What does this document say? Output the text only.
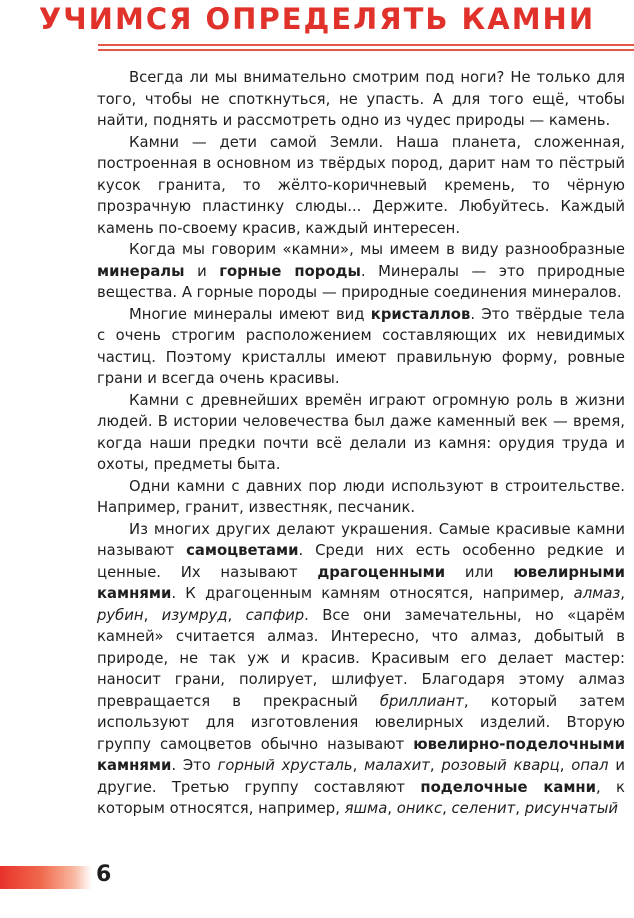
УЧИМСЯ ОПРЕДЕЛЯТЬ КАМНИ

Всегда ли мы внимательно смотрим под ноги? Не только для того, чтобы не споткнуться, не упасть. А для того ещё, чтобы найти, поднять и рассмотреть одно из чудес природы — камень.

Камни — дети самой Земли. Наша планета, сложенная, построенная в основном из твёрдых пород, дарит нам то пёстрый кусок гранита, то жёлто-коричневый кремень, то чёрную прозрачную пластинку слюды... Держите. Любуйтесь. Каждый камень по-своему красив, каждый интересен.

Когда мы говорим «камни», мы имеем в виду разнообразные минералы и горные породы. Минералы — это природные вещества. А горные породы — природные соединения минералов.

Многие минералы имеют вид кристаллов. Это твёрдые тела с очень строгим расположением составляющих их невидимых частиц. Поэтому кристаллы имеют правильную форму, ровные грани и всегда очень красивы.

Камни с древнейших времён играют огромную роль в жизни людей. В истории человечества был даже каменный век — время, когда наши предки почти всё делали из камня: орудия труда и охоты, предметы быта.

Одни камни с давних пор люди используют в строительстве. Например, гранит, известняк, песчаник.

Из многих других делают украшения. Самые красивые камни называют самоцветами. Среди них есть особенно редкие и ценные. Их называют драгоценными или ювелирными камнями. К драгоценным камням относятся, например, алмаз, рубин, изумруд, сапфир. Все они замечательны, но «царём камней» считается алмаз. Интересно, что алмаз, добытый в природе, не так уж и красив. Красивым его делает мастер: наносит грани, полирует, шлифует. Благодаря этому алмаз превращается в прекрасный бриллиант, который затем используют для изготовления ювелирных изделий. Вторую группу самоцветов обычно называют ювелирно-поделочными камнями. Это горный хрусталь, малахит, розовый кварц, опал и другие. Третью группу составляют поделочные камни, к которым относятся, например, яшма, оникс, селенит, рисунчатый

6
